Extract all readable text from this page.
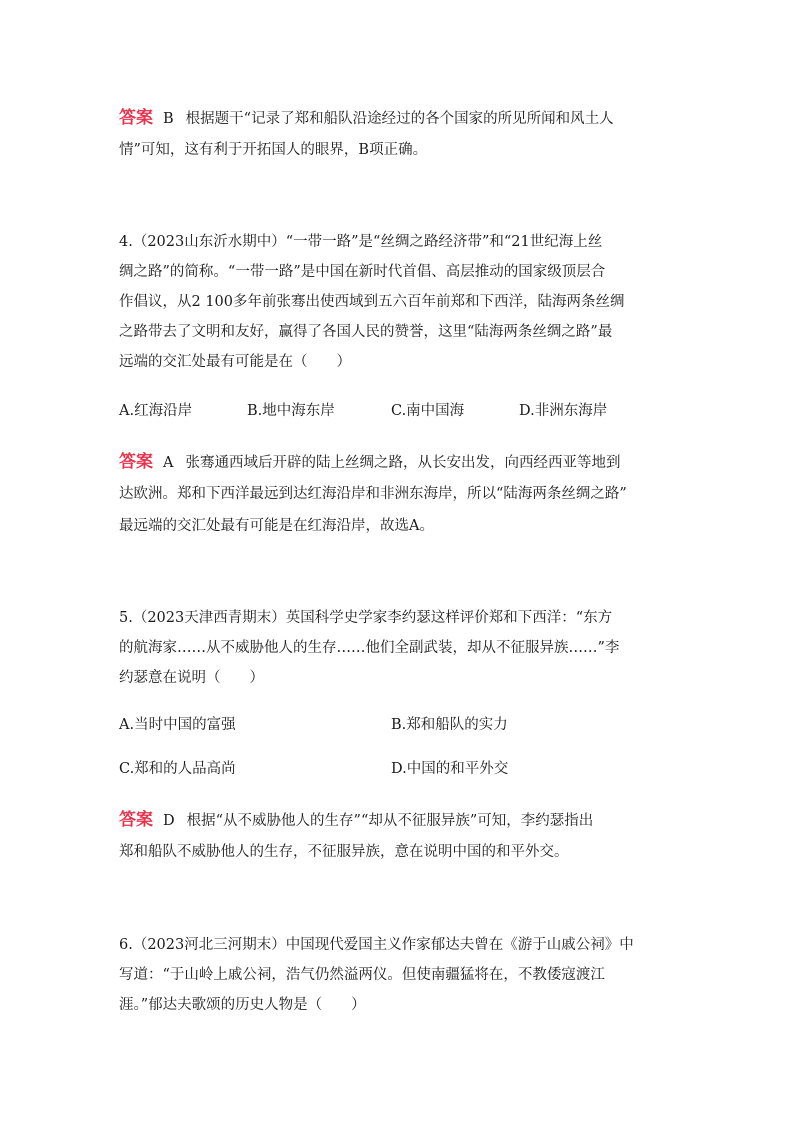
答案 B 根据题干“记录了郑和船队沿途经过的各个国家的所见所闻和风土人
情”可知，这有利于开拓国人的眼界，B项正确。
4.（2023山东沂水期中）“一带一路”是“丝绸之路经济带”和“21世纪海上丝
绸之路”的简称。“一带一路”是中国在新时代首倡、高层推动的国家级顶层合
作倡议，从2 100多年前张骞出使西域到五六百年前郑和下西洋，陆海两条丝绸
之路带去了文明和友好，赢得了各国人民的赞誉，这里“陆海两条丝绸之路”最
远端的交汇处最有可能是在（　　）
A.红海沿岸	B.地中海东岸	C.南中国海	D.非洲东海岸
答案 A 张骞通西域后开辟的陆上丝绸之路，从长安出发，向西经西亚等地到
达欧洲。郑和下西洋最远到达红海沿岸和非洲东海岸，所以“陆海两条丝绸之路”
最远端的交汇处最有可能是在红海沿岸，故选A。
5.（2023天津西青期末）英国科学史学家李约瑟这样评价郑和下西洋：“东方
的航海家……从不威胁他人的生存……他们全副武装，却从不征服异族……”李
约瑟意在说明（　　）
A.当时中国的富强	B.郑和船队的实力
C.郑和的人品高尚	D.中国的和平外交
答案 D 根据“从不威胁他人的生存”“却从不征服异族”可知，李约瑟指出
郑和船队不威胁他人的生存，不征服异族，意在说明中国的和平外交。
6.（2023河北三河期末）中国现代爱国主义作家郁达夫曾在《游于山戚公祠》中
写道：“于山岭上戚公祠，浩气仍然溢两仪。但使南疆猛将在，不教倭寇渡江
涯。”郁达夫歌颂的历史人物是（　　）
